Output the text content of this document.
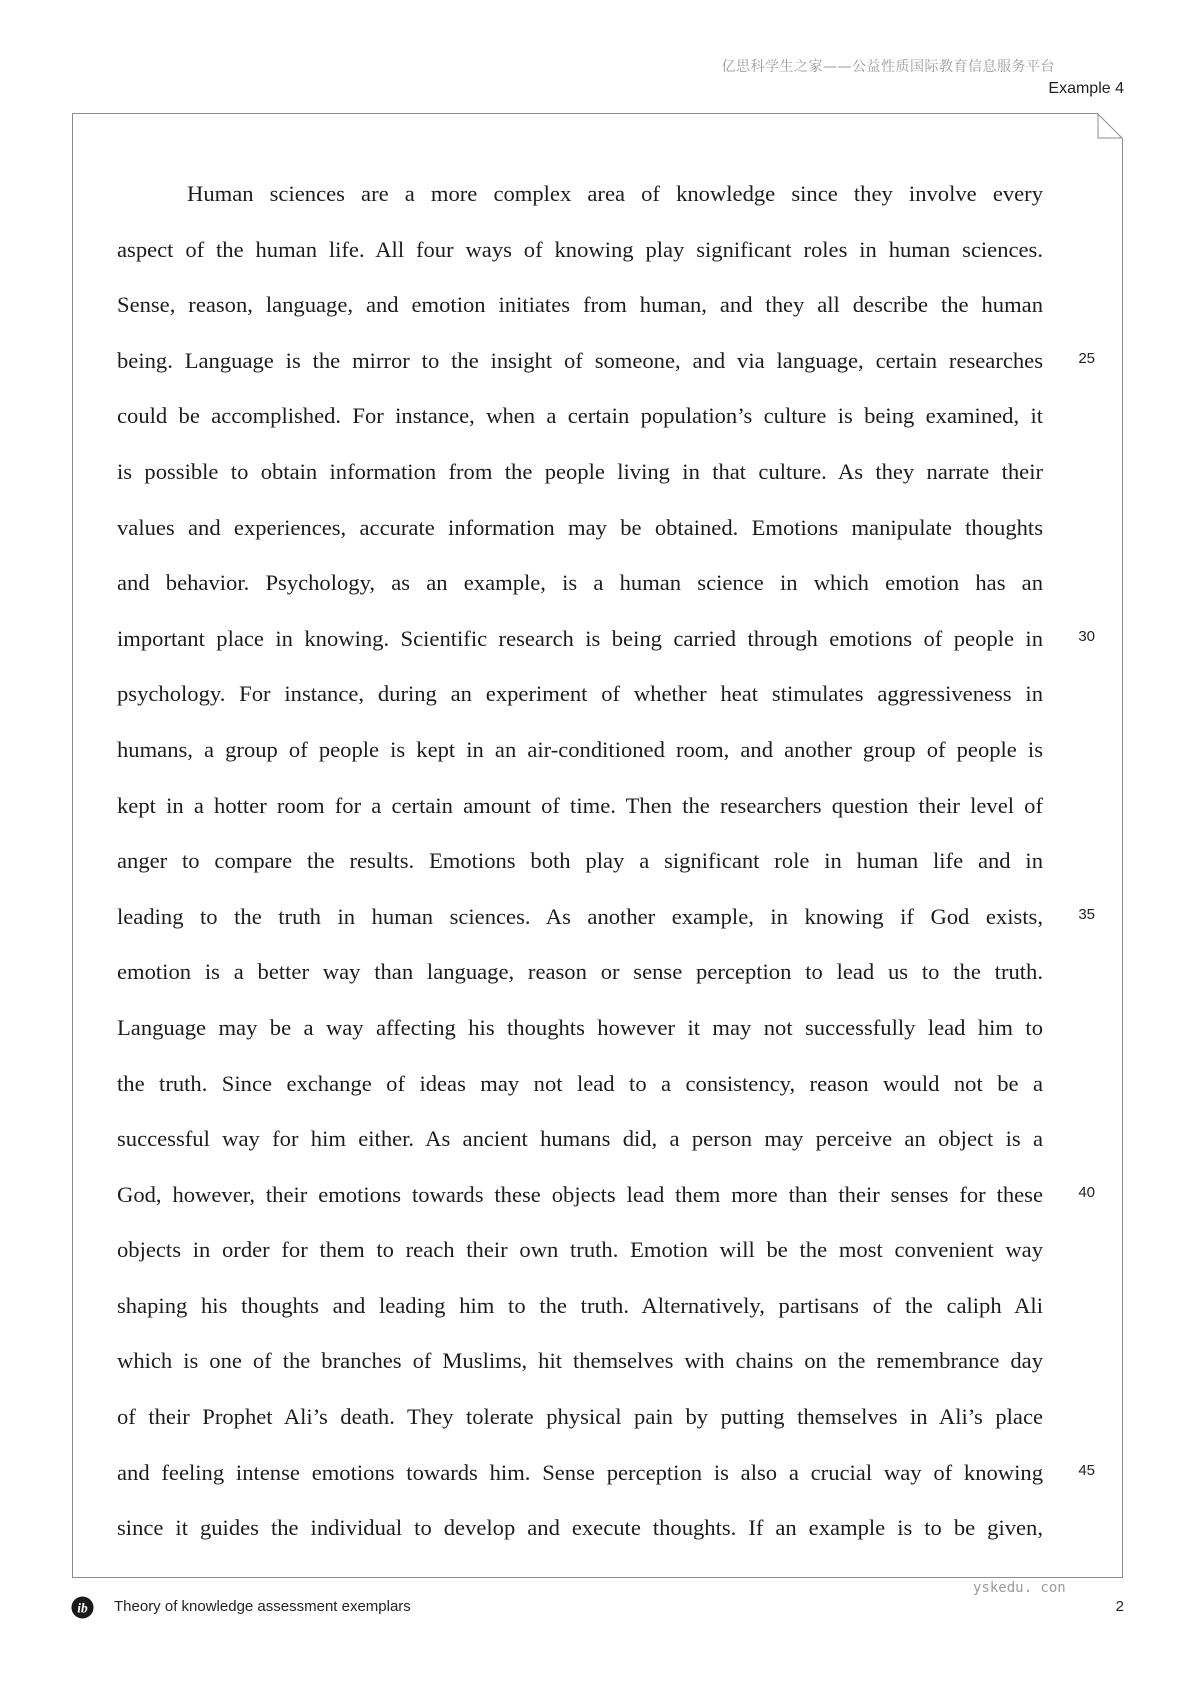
亿思科学生之家——公益性质国际教育信息服务平台
Example 4
Human sciences are a more complex area of knowledge since they involve every
aspect of the human life. All four ways of knowing play significant roles in human sciences.
Sense, reason, language, and emotion initiates from human, and they all describe the human
being. Language is the mirror to the insight of someone, and via language, certain researches
could be accomplished. For instance, when a certain population’s culture is being examined, it
is possible to obtain information from the people living in that culture. As they narrate their
values and experiences, accurate information may be obtained. Emotions manipulate thoughts
and behavior. Psychology, as an example, is a human science in which emotion has an
important place in knowing. Scientific research is being carried through emotions of people in
psychology. For instance, during an experiment of whether heat stimulates aggressiveness in
humans, a group of people is kept in an air-conditioned room, and another group of people is
kept in a hotter room for a certain amount of time. Then the researchers question their level of
anger to compare the results. Emotions both play a significant role in human life and in
leading to the truth in human sciences. As another example, in knowing if God exists,
emotion is a better way than language, reason or sense perception to lead us to the truth.
Language may be a way affecting his thoughts however it may not successfully lead him to
the truth. Since exchange of ideas may not lead to a consistency, reason would not be a
successful way for him either. As ancient humans did, a person may perceive an object is a
God, however, their emotions towards these objects lead them more than their senses for these
objects in order for them to reach their own truth. Emotion will be the most convenient way
shaping his thoughts and leading him to the truth. Alternatively, partisans of the caliph Ali
which is one of the branches of Muslims, hit themselves with chains on the remembrance day
of their Prophet Ali’s death. They tolerate physical pain by putting themselves in Ali’s place
and feeling intense emotions towards him. Sense perception is also a crucial way of knowing
since it guides the individual to develop and execute thoughts. If an example is to be given,
25
30
35
40
45
ib Theory of knowledge assessment exemplars
yskedu. con
2
